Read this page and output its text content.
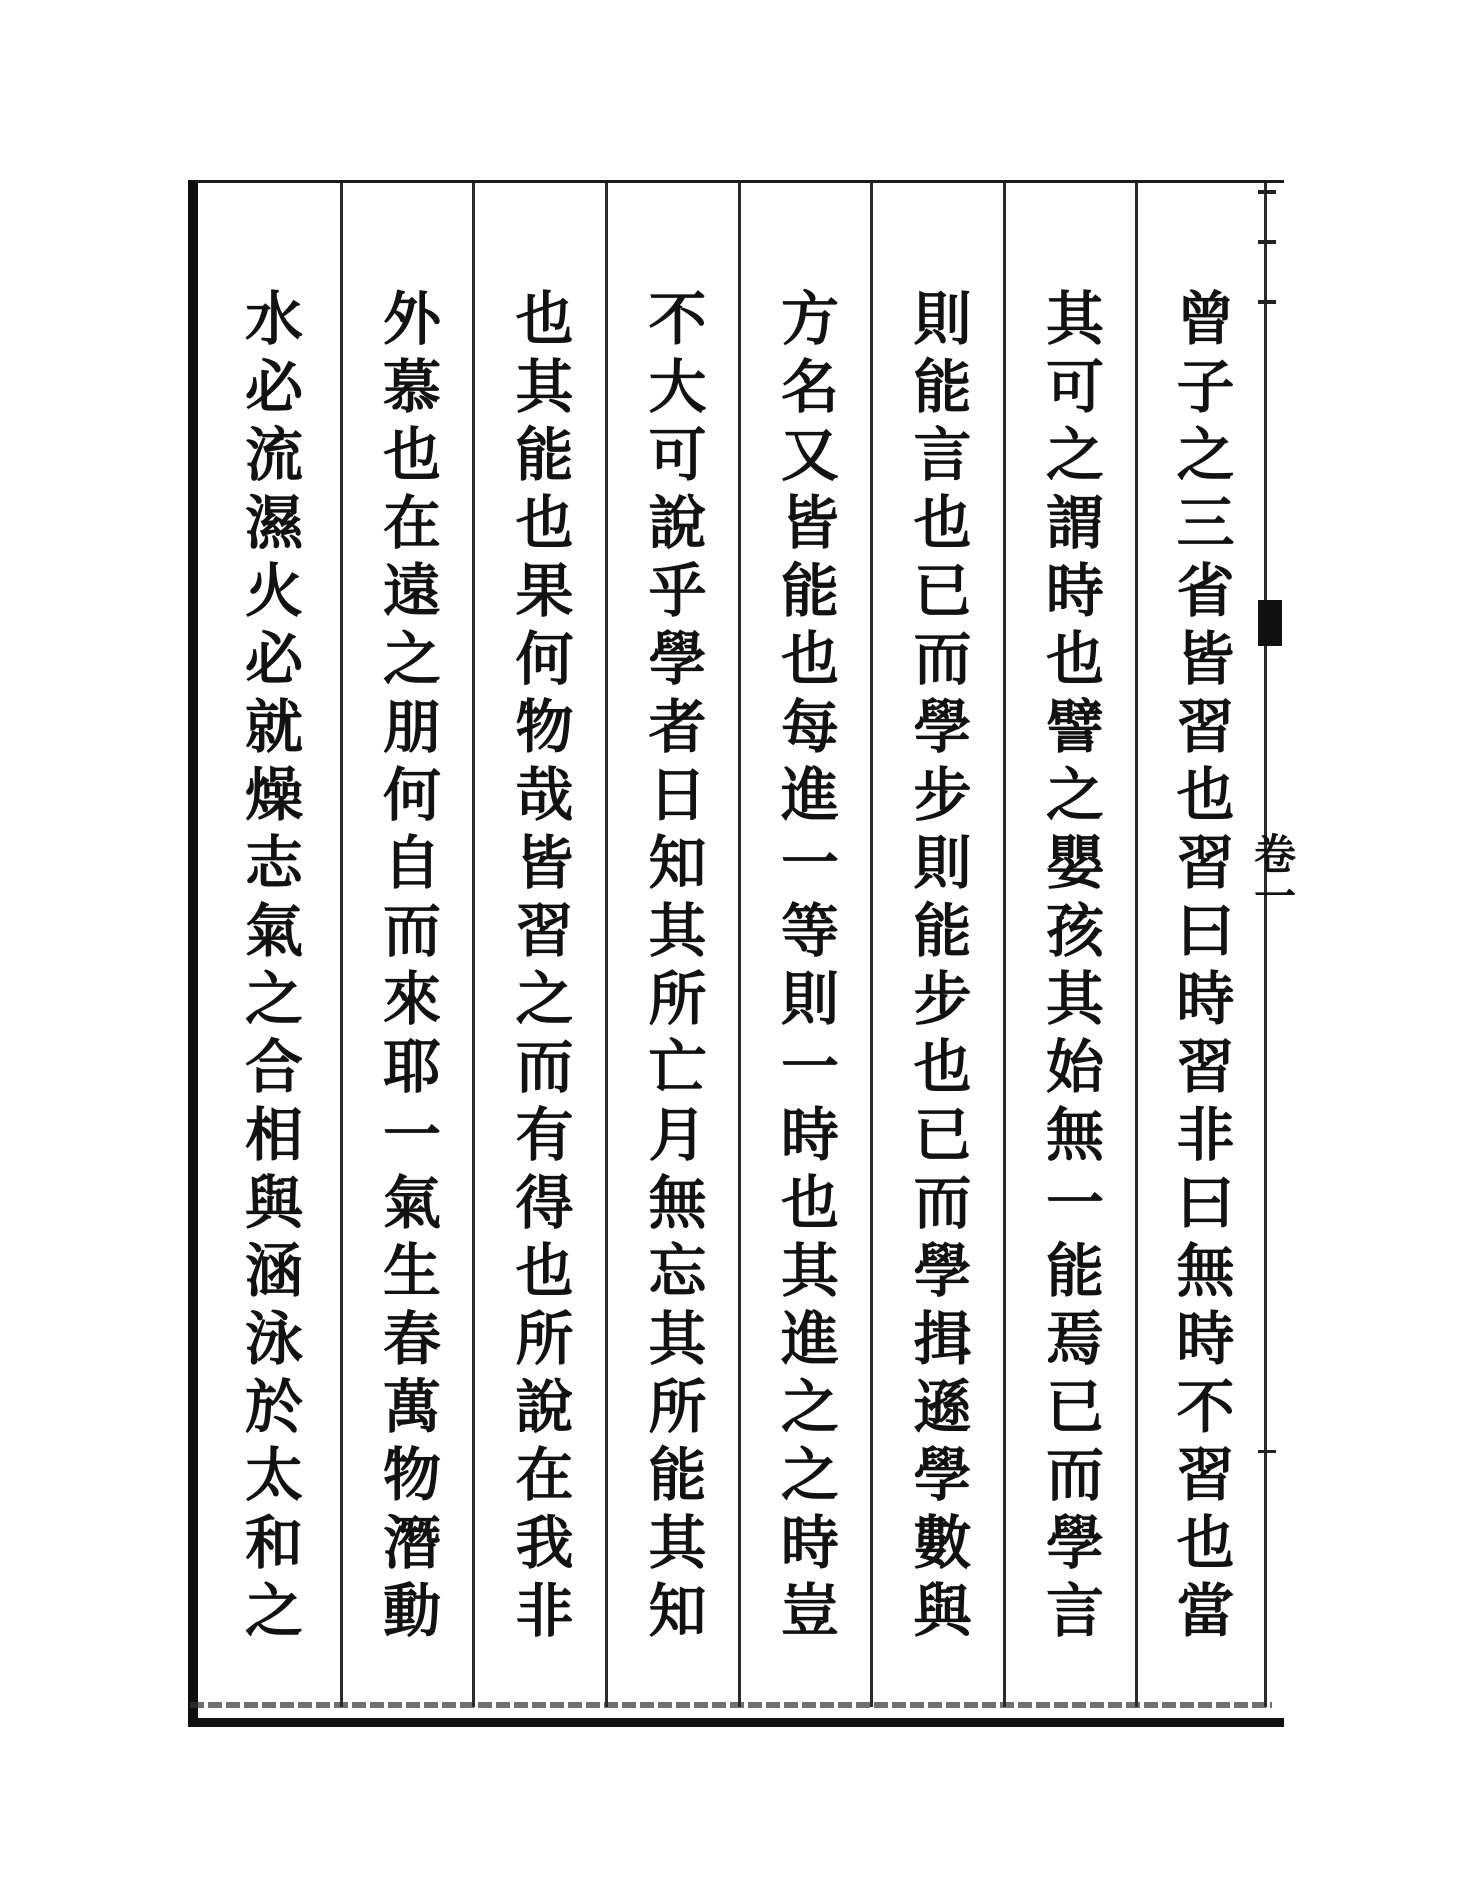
曾子之三省皆習也習曰時習非曰無時不習也當
其可之謂時也譬之嬰孩其始無一能焉已而學言
則能言也已而學步則能步也已而學揖遜學數與
方名又皆能也每進一等則一時也其進之之時豈
不大可說乎學者日知其所亡月無忘其所能其知
也其能也果何物哉皆習之而有得也所說在我非
外慕也在遠之朋何自而來耶一氣生春萬物潛動
水必流濕火必就燥志氣之合相與涵泳於太和之	卷一
